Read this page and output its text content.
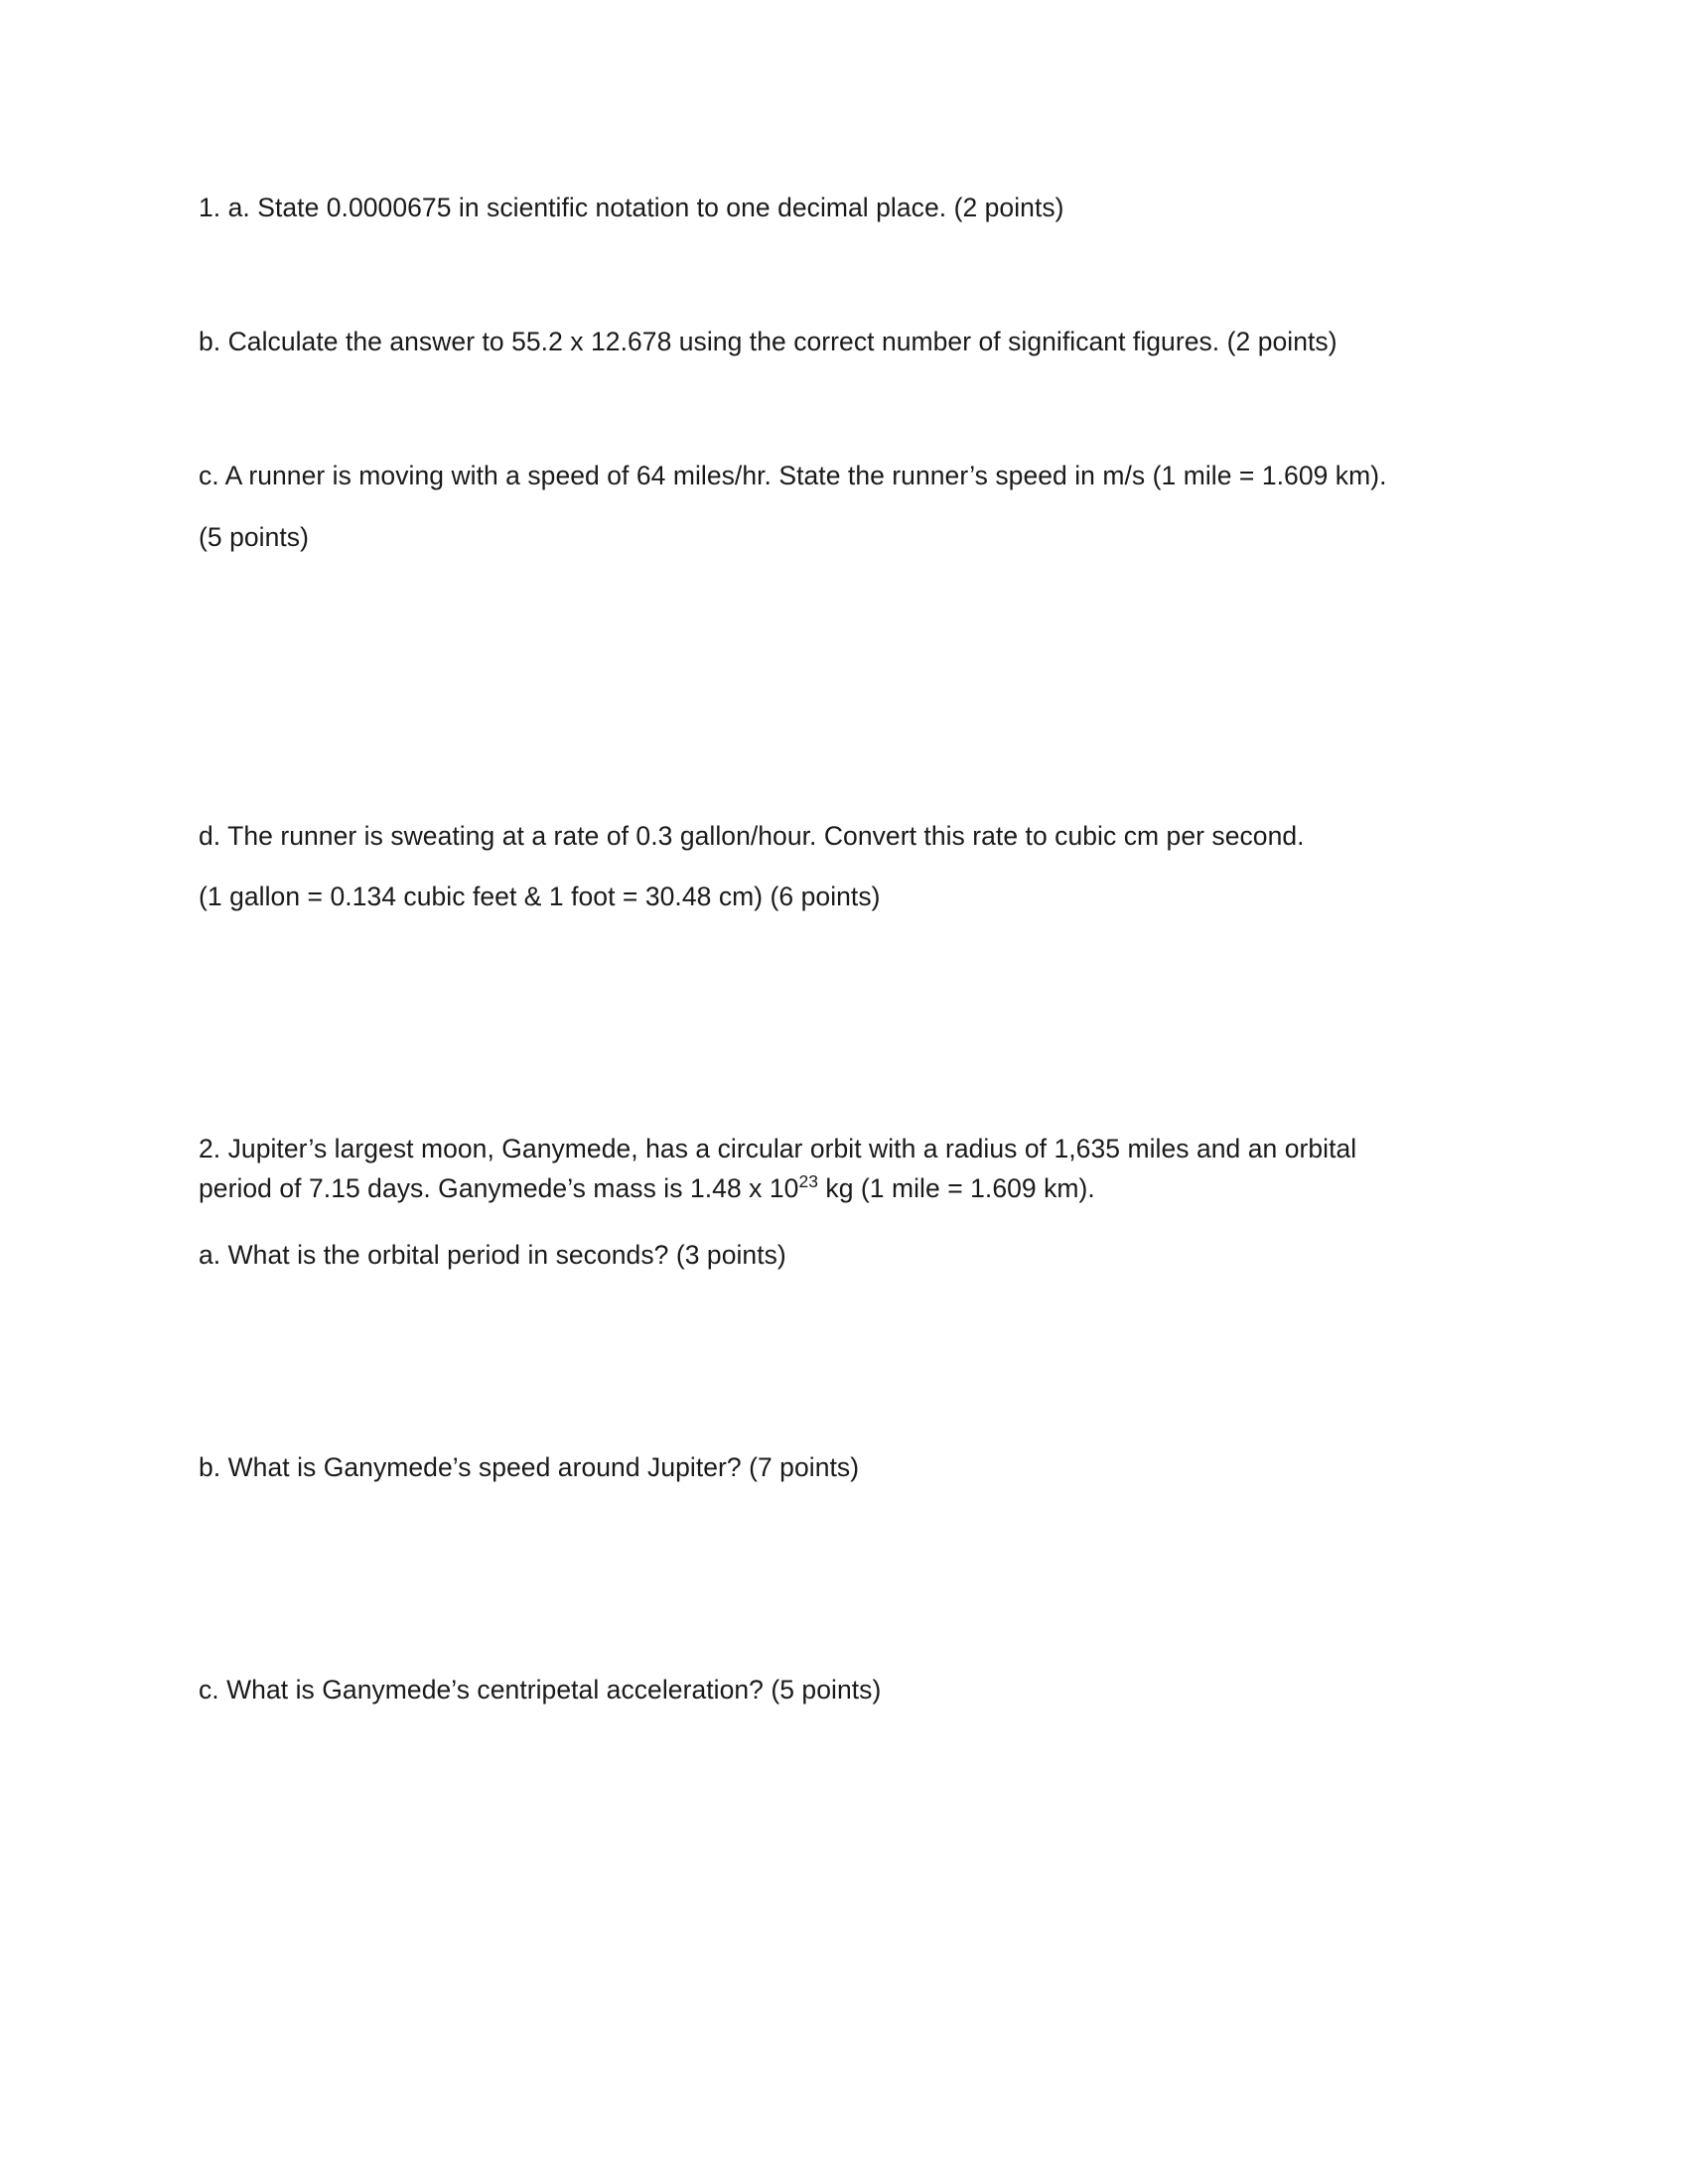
1. a. State 0.0000675 in scientific notation to one decimal place. (2 points)

b. Calculate the answer to 55.2 x 12.678 using the correct number of significant figures. (2 points)

c. A runner is moving with a speed of 64 miles/hr. State the runner’s speed in m/s (1 mile = 1.609 km).

(5 points)

d. The runner is sweating at a rate of 0.3 gallon/hour. Convert this rate to cubic cm per second.

(1 gallon = 0.134 cubic feet & 1 foot = 30.48 cm) (6 points)

2. Jupiter’s largest moon, Ganymede, has a circular orbit with a radius of 1,635 miles and an orbital

period of 7.15 days. Ganymede’s mass is 1.48 x $10^{23}$ kg (1 mile = 1.609 km).

a. What is the orbital period in seconds? (3 points)

b. What is Ganymede’s speed around Jupiter? (7 points)

c. What is Ganymede’s centripetal acceleration? (5 points)
